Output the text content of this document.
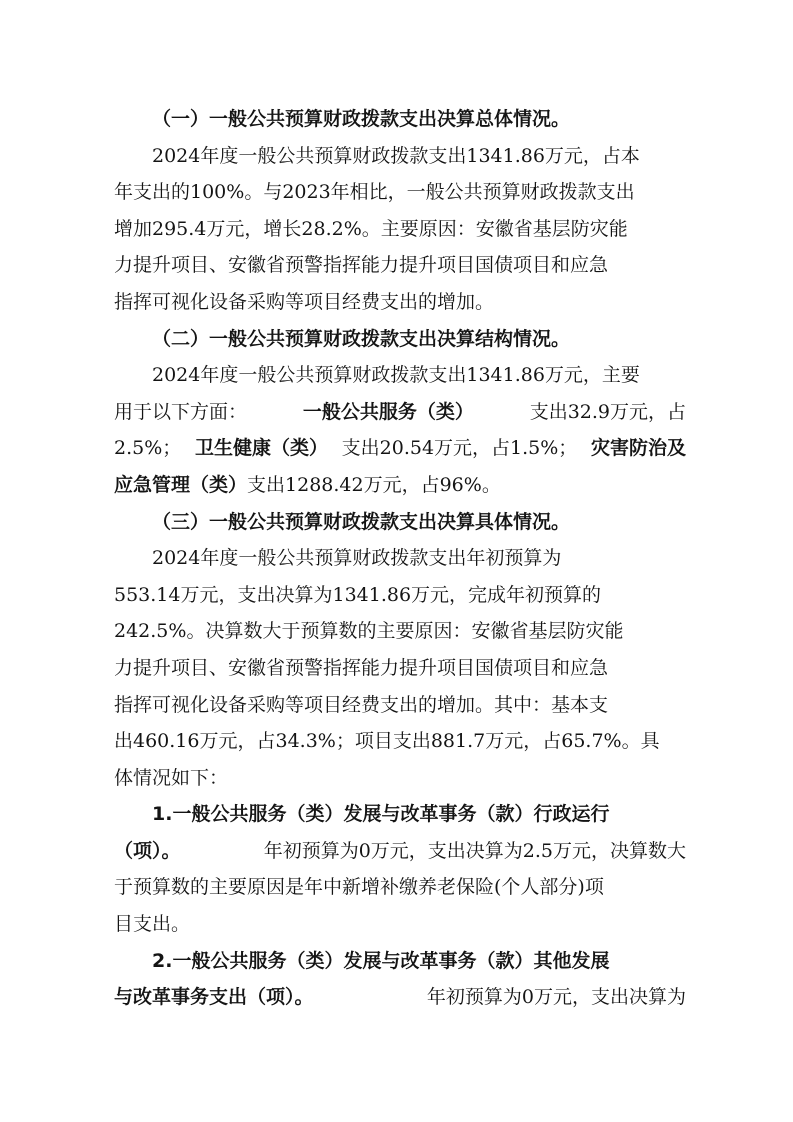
（一）一般公共预算财政拨款支出决算总体情况。
2024年度一般公共预算财政拨款支出1341.86万元，占本
年支出的100%。与2023年相比，一般公共预算财政拨款支出
增加295.4万元，增长28.2%。主要原因：安徽省基层防灾能
力提升项目、安徽省预警指挥能力提升项目国债项目和应急
指挥可视化设备采购等项目经费支出的增加。
（二）一般公共预算财政拨款支出决算结构情况。
2024年度一般公共预算财政拨款支出1341.86万元，主要
用于以下方面：	一般公共服务（类）	支出32.9万元，占
2.5%； 卫生健康（类） 支出20.54万元，占1.5%； 灾害防治及
应急管理（类） 支出1288.42万元，占96%。
（三）一般公共预算财政拨款支出决算具体情况。
2024年度一般公共预算财政拨款支出年初预算为
553.14万元，支出决算为1341.86万元，完成年初预算的
242.5%。决算数大于预算数的主要原因：安徽省基层防灾能
力提升项目、安徽省预警指挥能力提升项目国债项目和应急
指挥可视化设备采购等项目经费支出的增加。其中：基本支
出460.16万元，占34.3%；项目支出881.7万元，占65.7%。具
体情况如下：
1.一般公共服务（类）发展与改革事务（款）行政运行
（项）。	年初预算为0万元，支出决算为2.5万元，决算数大
于预算数的主要原因是年中新增补缴养老保险(个人部分)项
目支出。
2.一般公共服务（类）发展与改革事务（款）其他发展
与改革事务支出（项）。	年初预算为0万元，支出决算为
